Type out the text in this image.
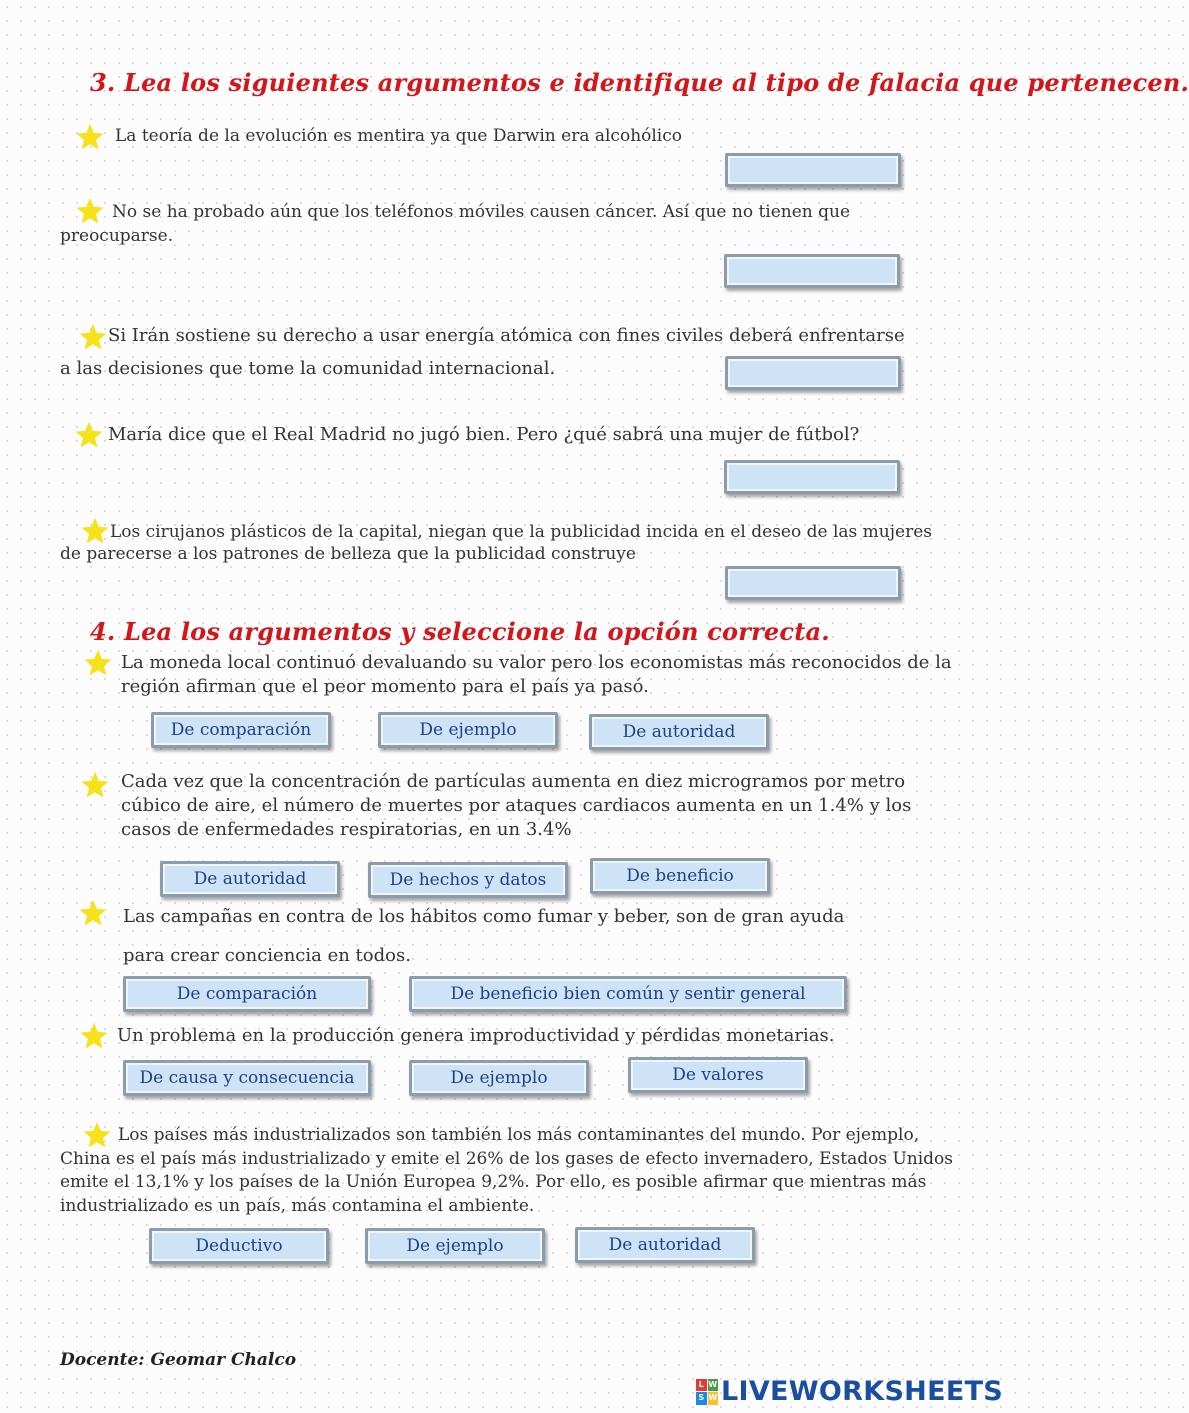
3. Lea los siguientes argumentos e identifique al tipo de falacia que pertenecen.
La teoría de la evolución es mentira ya que Darwin era alcohólico
No se ha probado aún que los teléfonos móviles causen cáncer. Así que no tienen que
preocuparse.
Si Irán sostiene su derecho a usar energía atómica con fines civiles deberá enfrentarse
a las decisiones que tome la comunidad internacional.
María dice que el Real Madrid no jugó bien. Pero ¿qué sabrá una mujer de fútbol?
Los cirujanos plásticos de la capital, niegan que la publicidad incida en el deseo de las mujeres
de parecerse a los patrones de belleza que la publicidad construye
4. Lea los argumentos y seleccione la opción correcta.
La moneda local continuó devaluando su valor pero los economistas más reconocidos de la
región afirman que el peor momento para el país ya pasó.
De comparación	De ejemplo	De autoridad
Cada vez que la concentración de partículas aumenta en diez microgramos por metro
cúbico de aire, el número de muertes por ataques cardiacos aumenta en un 1.4% y los
casos de enfermedades respiratorias, en un 3.4%
De autoridad	De hechos y datos	De beneficio
Las campañas en contra de los hábitos como fumar y beber, son de gran ayuda
para crear conciencia en todos.
De comparación	De beneficio bien común y sentir general
Un problema en la producción genera improductividad y pérdidas monetarias.
De causa y consecuencia	De ejemplo	De valores
Los países más industrializados son también los más contaminantes del mundo. Por ejemplo,
China es el país más industrializado y emite el 26% de los gases de efecto invernadero, Estados Unidos
emite el 13,1% y los países de la Unión Europea 9,2%. Por ello, es posible afirmar que mientras más
industrializado es un país, más contamina el ambiente.
Deductivo	De ejemplo	De autoridad
Docente: Geomar Chalco
L W
S W LIVEWORKSHEETS
